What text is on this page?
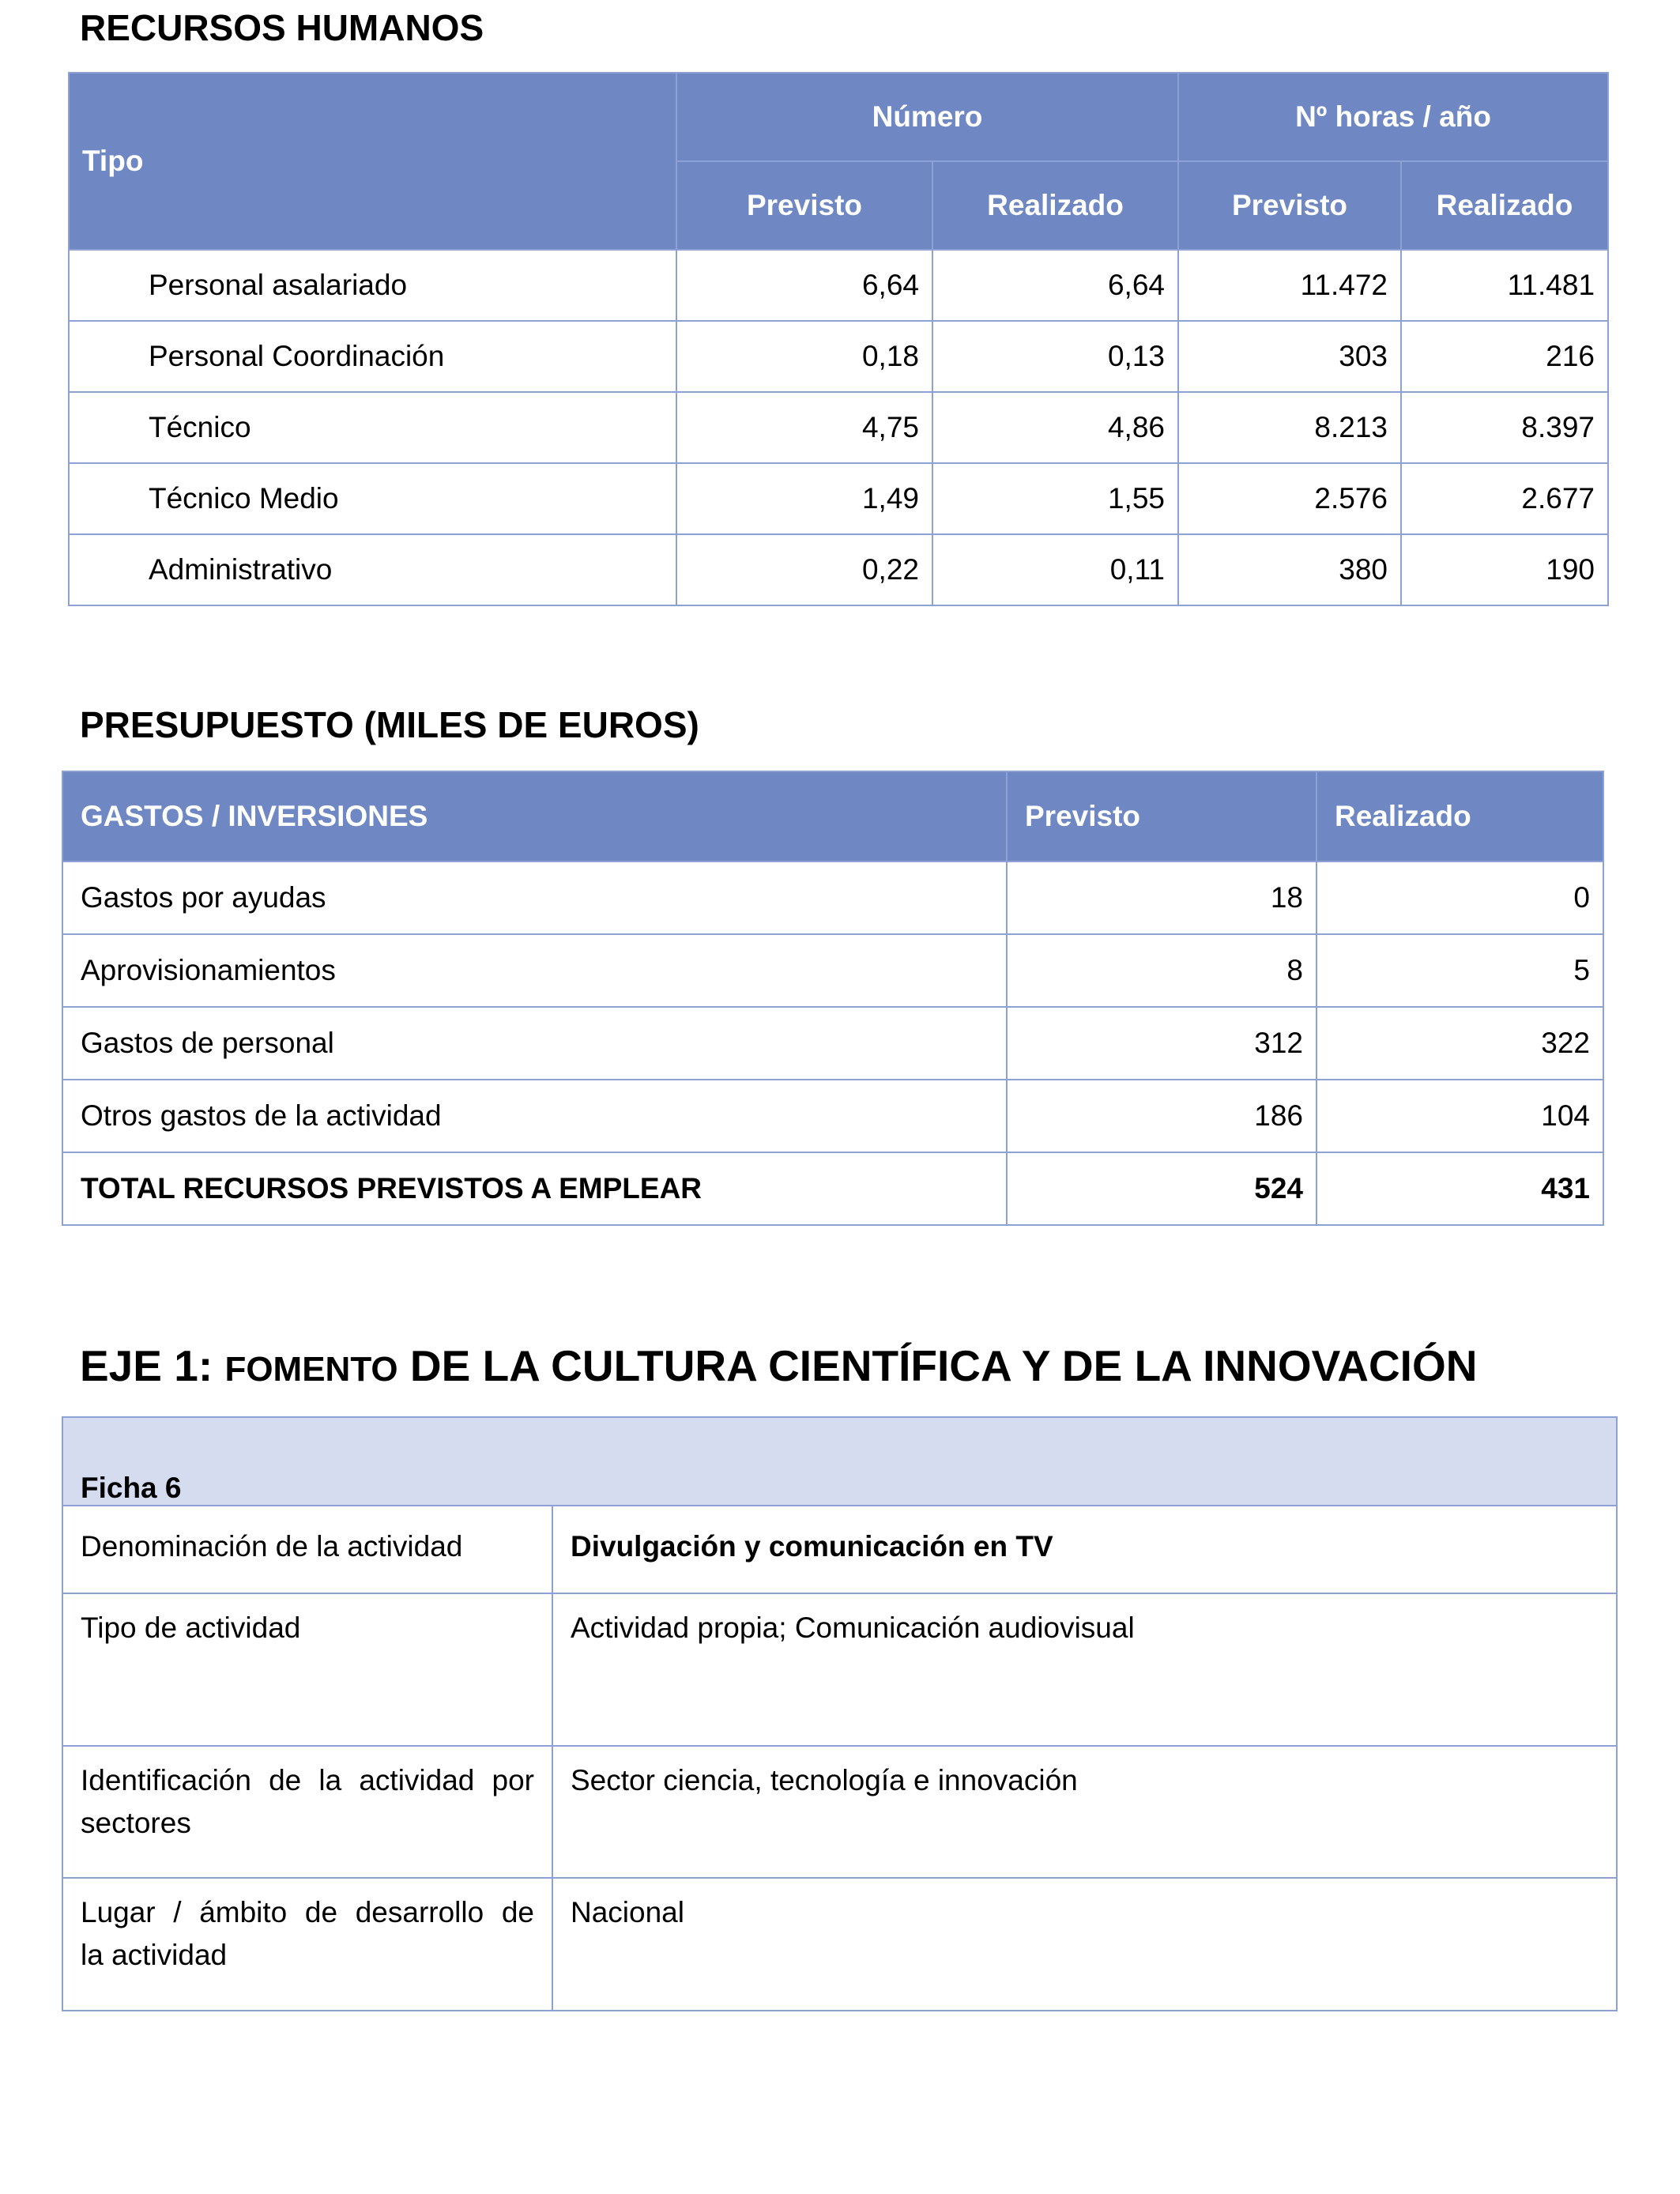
RECURSOS HUMANOS
Tipo	Número		Nº horas / año	
	Previsto	Realizado	Previsto	Realizado
Personal asalariado	6,64	6,64	11.472	11.481
Personal Coordinación	0,18	0,13	303	216
Técnico	4,75	4,86	8.213	8.397
Técnico Medio	1,49	1,55	2.576	2.677
Administrativo	0,22	0,11	380	190
PRESUPUESTO (MILES DE EUROS)
GASTOS / INVERSIONES	Previsto	Realizado
Gastos por ayudas	18	0
Aprovisionamientos	8	5
Gastos de personal	312	322
Otros gastos de la actividad	186	104
TOTAL RECURSOS PREVISTOS A EMPLEAR	524	431
EJE 1: FOMENTO DE LA CULTURA CIENTÍFICA Y DE LA INNOVACIÓN
Ficha 6	
Denominación de la actividad	Divulgación y comunicación en TV
Tipo de actividad	Actividad propia; Comunicación audiovisual

Identificación de la actividad por
sectores	Sector ciencia, tecnología e innovación

Lugar / ámbito de desarrollo de
la actividad	Nacional
